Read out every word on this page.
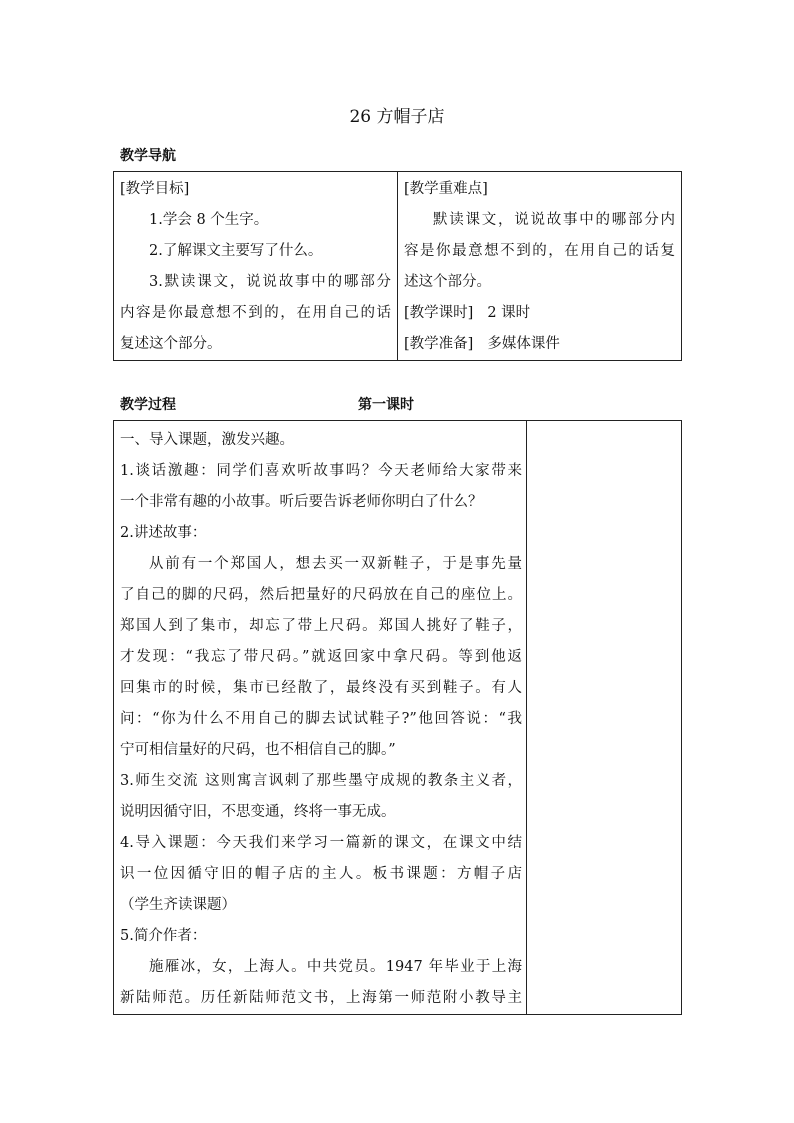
26 方帽子店
教学导航
[教学目标]
1.学会 8 个生字。
2.了解课文主要写了什么。
3.默读课文，说说故事中的哪部分
内容是你最意想不到的，在用自己的话
复述这个部分。

[教学重难点]
默读课文，说说故事中的哪部分内
容是你最意想不到的，在用自己的话复
述这个部分。
[教学课时] 2 课时
[教学准备] 多媒体课件
教学过程	第一课时
一、导入课题，激发兴趣。
1.谈话激趣：同学们喜欢听故事吗？今天老师给大家带来
一个非常有趣的小故事。听后要告诉老师你明白了什么？
2.讲述故事：
从前有一个郑国人，想去买一双新鞋子，于是事先量
了自己的脚的尺码，然后把量好的尺码放在自己的座位上。
郑国人到了集市，却忘了带上尺码。郑国人挑好了鞋子，
才发现：“我忘了带尺码。”就返回家中拿尺码。等到他返
回集市的时候，集市已经散了，最终没有买到鞋子。有人
问：“你为什么不用自己的脚去试试鞋子?”他回答说：“我
宁可相信量好的尺码，也不相信自己的脚。”
3.师生交流 这则寓言讽刺了那些墨守成规的教条主义者，
说明因循守旧，不思变通，终将一事无成。
4.导入课题：今天我们来学习一篇新的课文，在课文中结
识一位因循守旧的帽子店的主人。板书课题：方帽子店
（学生齐读课题）
5.简介作者：
施雁冰，女，上海人。中共党员。1947 年毕业于上海
新陆师范。历任新陆师范文书，上海第一师范附小教导主
